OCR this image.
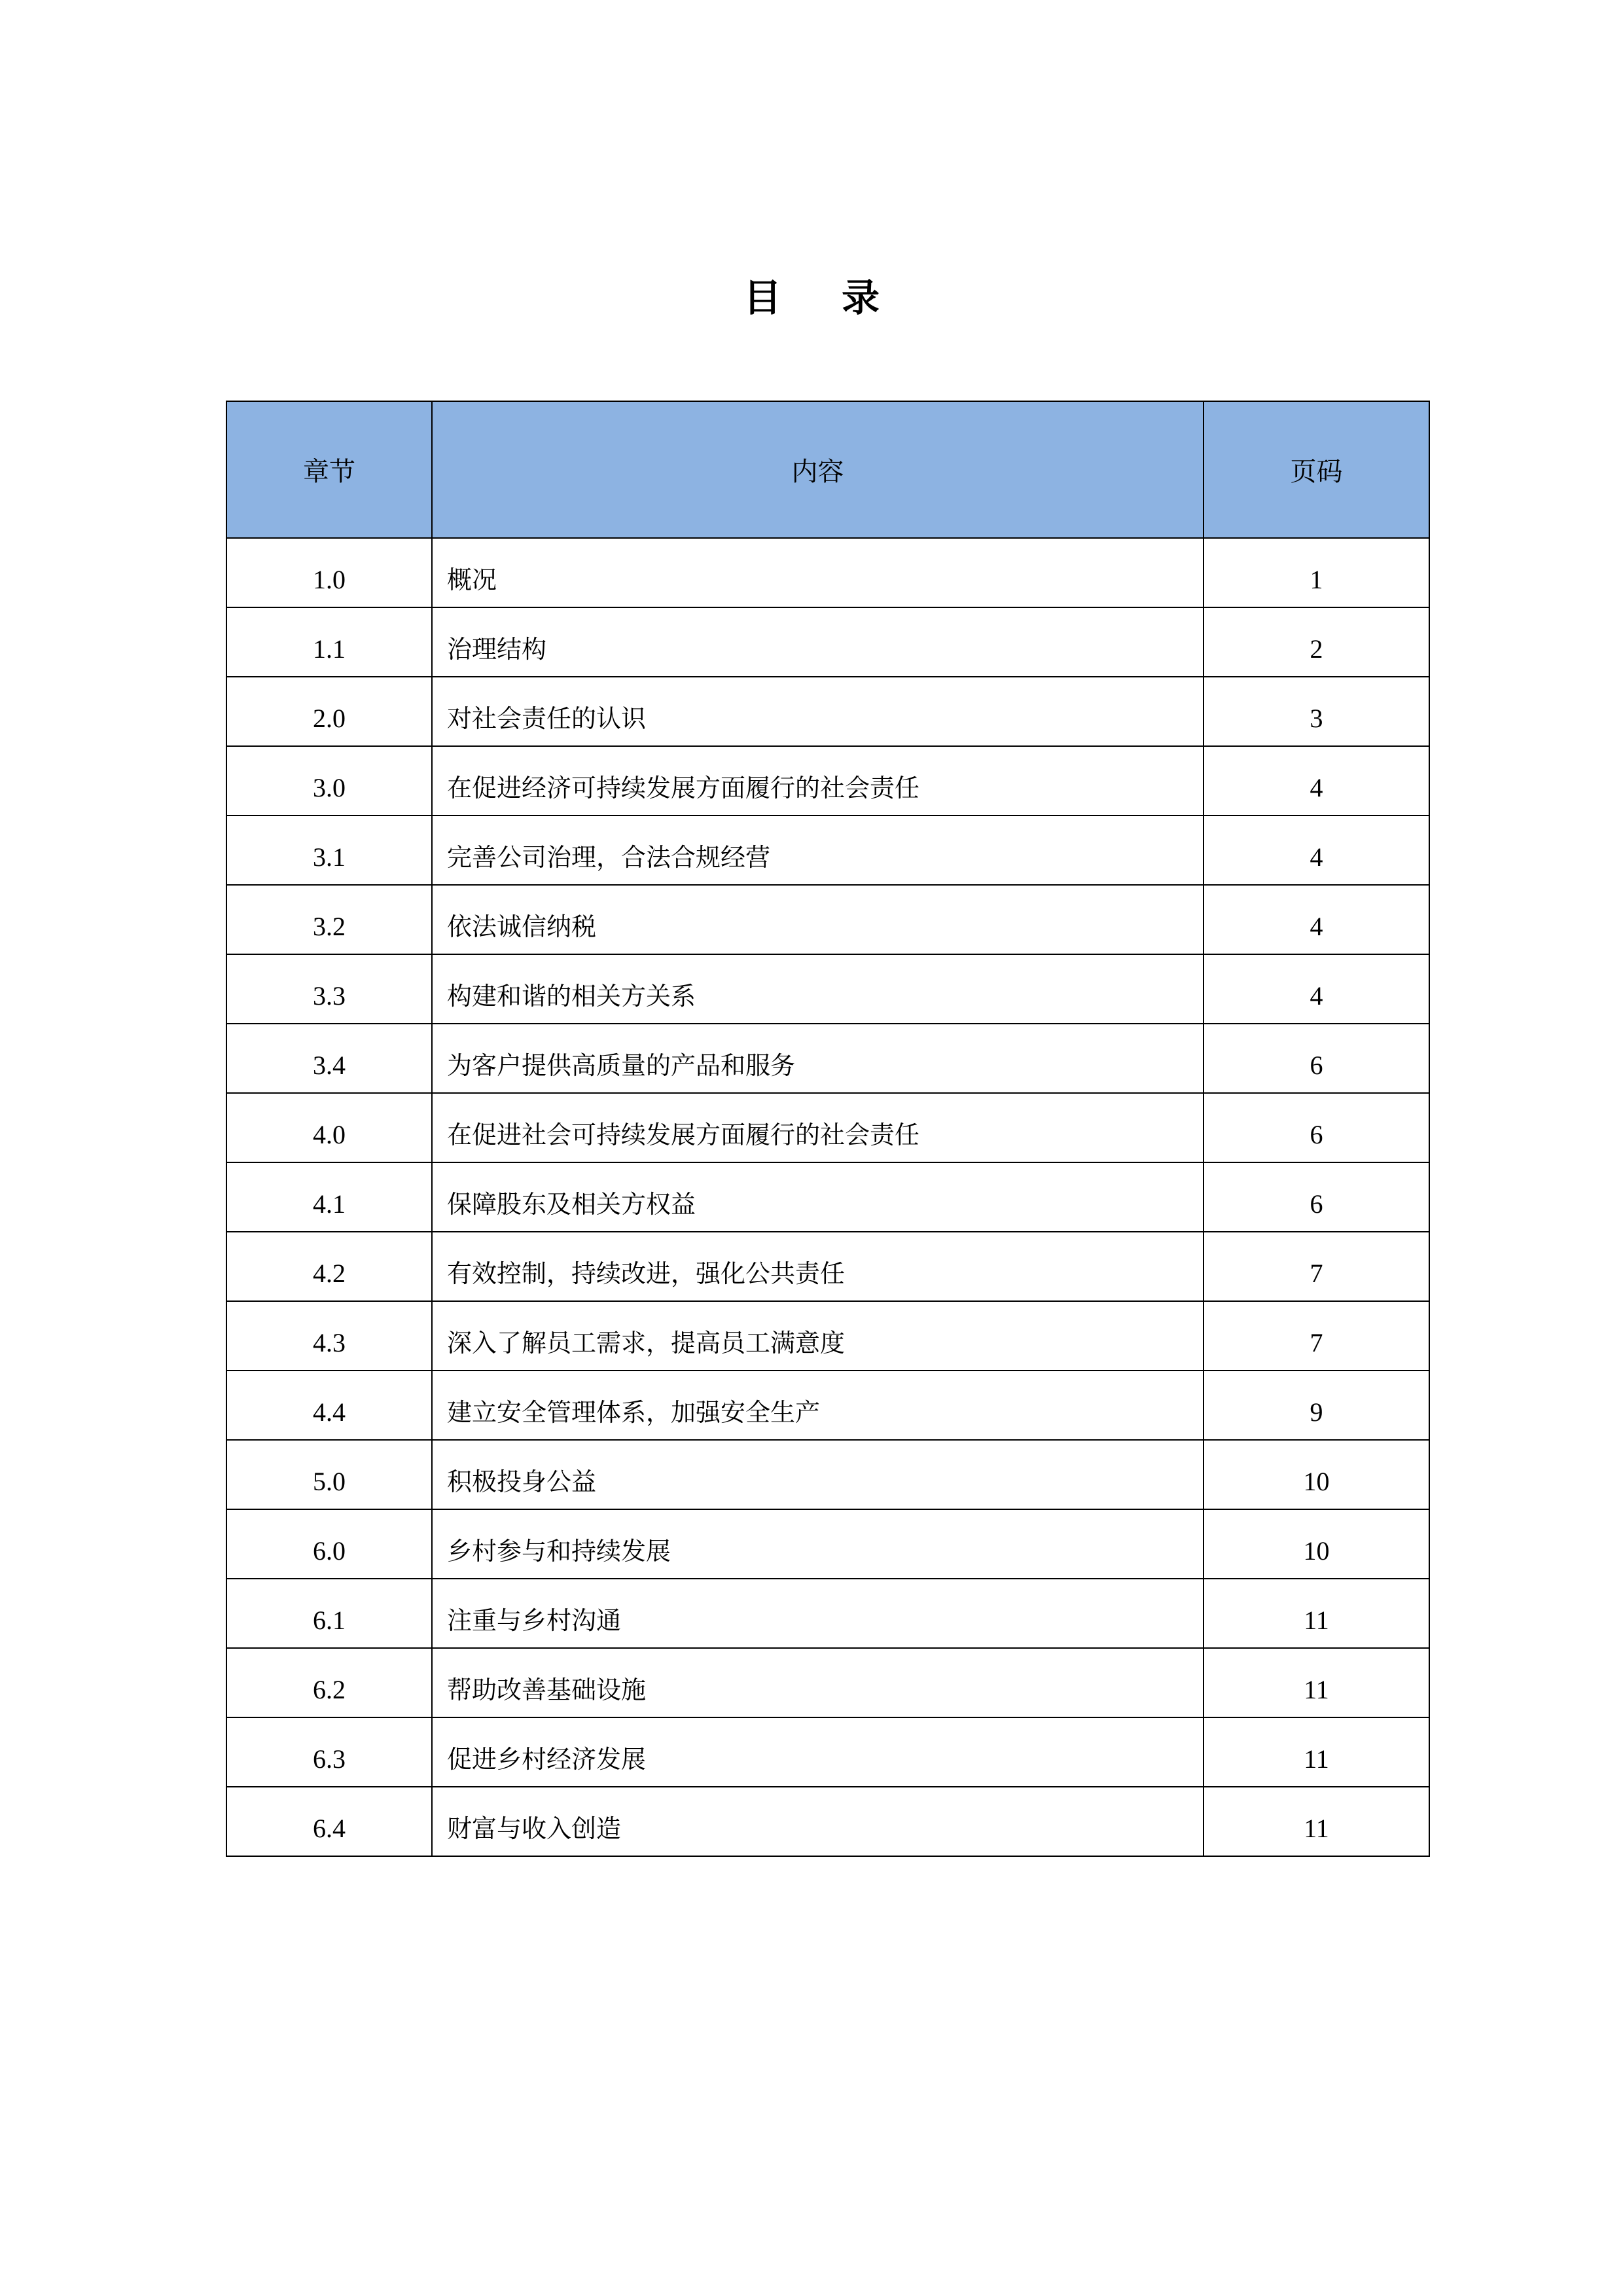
目 录
章节	内容	页码
1.0	概况	1
1.1	治理结构	2
2.0	对社会责任的认识	3
3.0	在促进经济可持续发展方面履行的社会责任	4
3.1	完善公司治理，合法合规经营	4
3.2	依法诚信纳税	4
3.3	构建和谐的相关方关系	4
3.4	为客户提供高质量的产品和服务	6
4.0	在促进社会可持续发展方面履行的社会责任	6
4.1	保障股东及相关方权益	6
4.2	有效控制，持续改进，强化公共责任	7
4.3	深入了解员工需求，提高员工满意度	7
4.4	建立安全管理体系，加强安全生产	9
5.0	积极投身公益	10
6.0	乡村参与和持续发展	10
6.1	注重与乡村沟通	11
6.2	帮助改善基础设施	11
6.3	促进乡村经济发展	11
6.4	财富与收入创造	11
